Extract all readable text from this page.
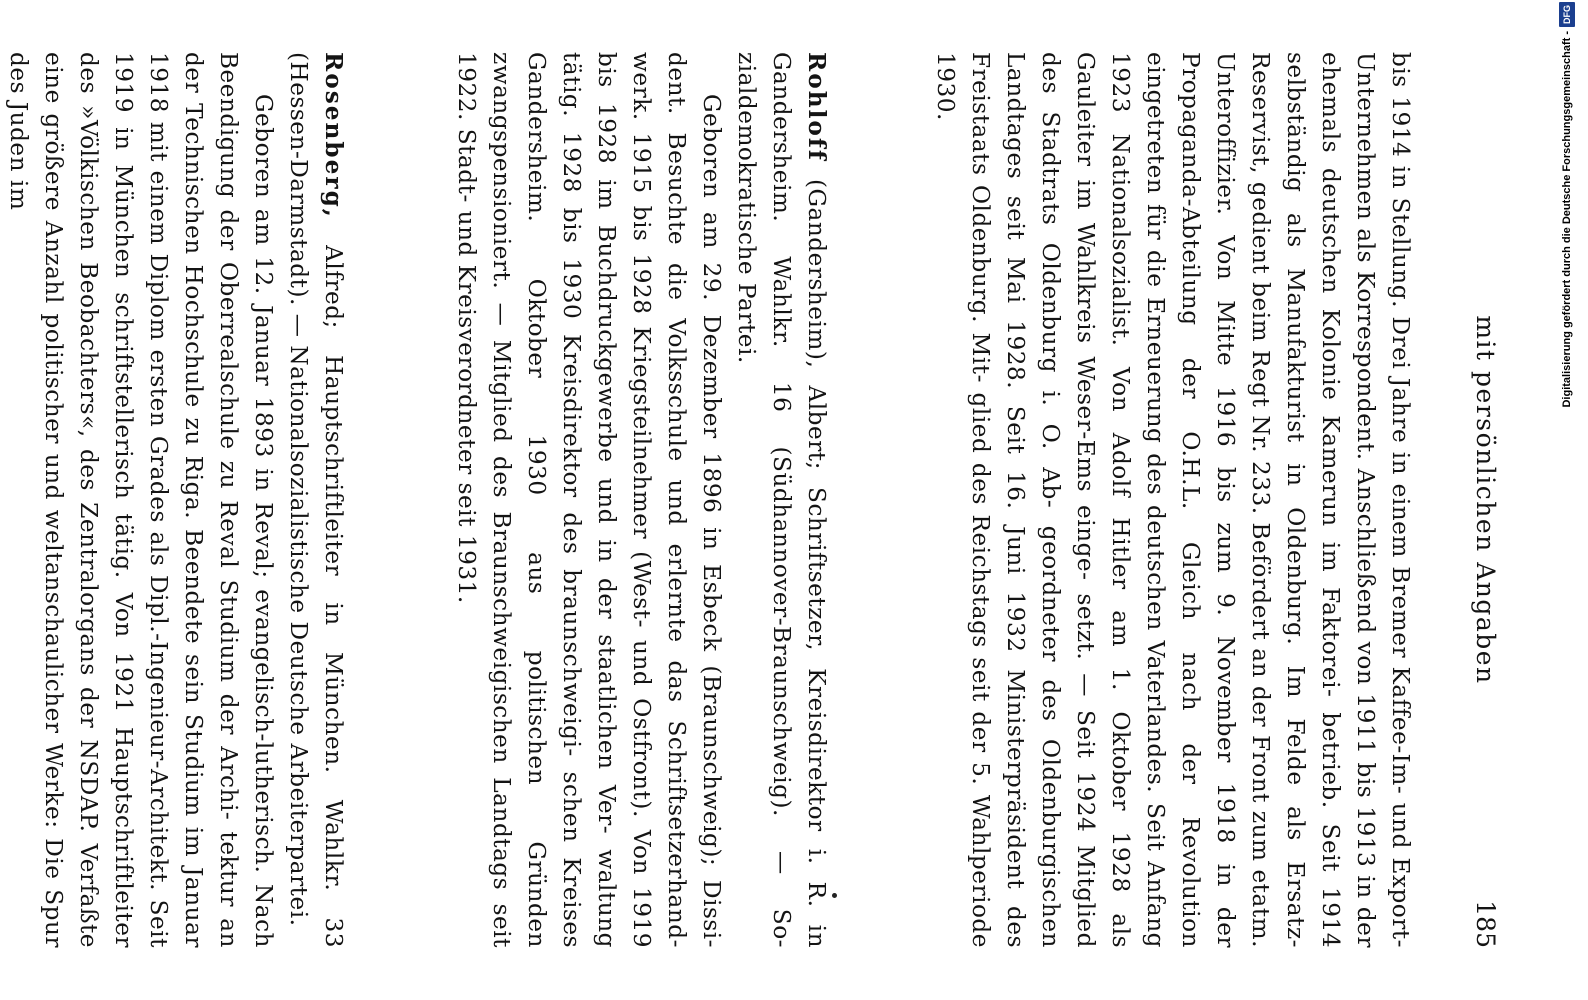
mit persönlichen Angaben
185

bis 1914 in Stellung. Drei Jahre in einem Bremer Kaffee-Im- und Export-Unternehmen als Korrespondent. Anschließend von 1911 bis 1913 in der ehemals deutschen Kolonie Kamerun im Faktorei- betrieb. Seit 1914 selbständig als Manufakturist in Oldenburg. Im Felde als Ersatz-Reservist, gedient beim Regt Nr. 233. Befördert an der Front zum etatm. Unteroffizier. Von Mitte 1916 bis zum 9. November 1918 in der Propaganda-Abteilung der O.H.L. Gleich nach der Revolution eingetreten für die Erneuerung des deutschen Vaterlandes. Seit Anfang 1923 Nationalsozialist. Von Adolf Hitler am 1. Oktober 1928 als Gauleiter im Wahlkreis Weser-Ems einge- setzt. — Seit 1924 Mitglied des Stadtrats Oldenburg i. O. Ab- geordneter des Oldenburgischen Landtages seit Mai 1928. Seit 16. Juni 1932 Ministerpräsident des Freistaats Oldenburg. Mit- glied des Reichstags seit der 5. Wahlperiode 1930.

Rohloff (Gandersheim), Albert; Schriftsetzer, Kreisdirektor i. R. in Gandersheim. Wahlkr. 16 (Südhannover-Braunschweig). — So- zialdemokratische Partei.

Geboren am 29. Dezember 1896 in Esbeck (Braunschweig); Dissi- dent. Besuchte die Volksschule und erlernte das Schriftsetzerhand- werk. 1915 bis 1928 Kriegsteilnehmer (West- und Ostfront). Von 1919 bis 1928 im Buchdruckgewerbe und in der staatlichen Ver- waltung tätig. 1928 bis 1930 Kreisdirektor des braunschweigi- schen Kreises Gandersheim. Oktober 1930 aus politischen Gründen zwangspensioniert. — Mitglied des Braunschweigischen Landtags seit 1922. Stadt- und Kreisverordneter seit 1931.

Rosenberg, Alfred; Hauptschriftleiter in München. Wahlkr. 33 (Hessen-Darmstadt). — Nationalsozialistische Deutsche Arbeiterpartei.

Geboren am 12. Januar 1893 in Reval; evangelisch-lutherisch. Nach Beendigung der Oberrealschule zu Reval Studium der Archi- tektur an der Technischen Hochschule zu Riga. Beendete sein Studium im Januar 1918 mit einem Diplom ersten Grades als Dipl.-Ingenieur-Architekt. Seit 1919 in München schriftstellerisch tätig. Von 1921 Hauptschriftleiter des »Völkischen Beobachters«, des Zentralorgans der NSDAP. Verfaßte eine größere Anzahl politischer und weltanschaulicher Werke: Die Spur des Juden im	Digitalisierung gefördert durch die Deutsche Forschungsgemeinschaft -
DFG
